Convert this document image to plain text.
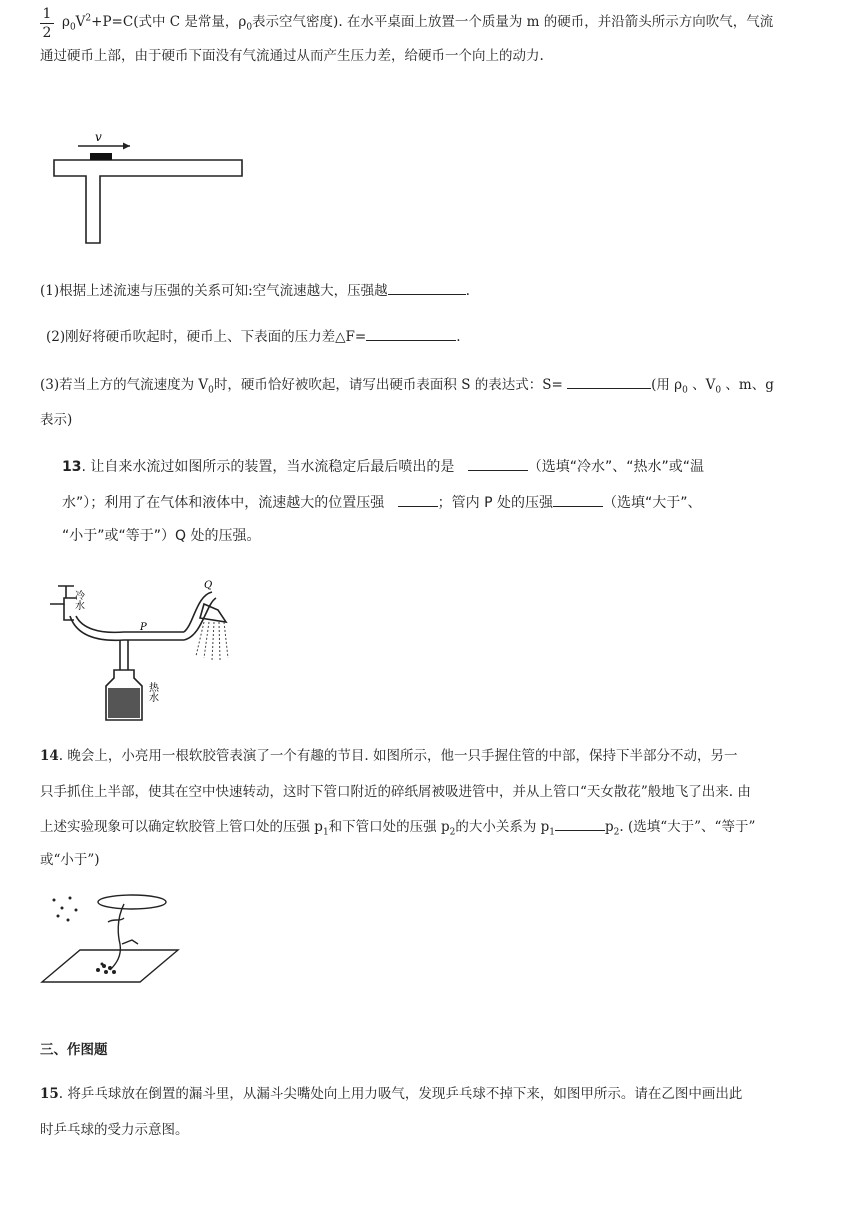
1
2
$\rho_0V^2+P=C$(式中 C 是常量，$\rho_0$表示空气密度). 在水平桌面上放置一个质量为 m 的硬币，并沿箭头所示方向吹气，气流
通过硬币上部，由于硬币下面没有气流通过从而产生压力差，给硬币一个向上的动力.
v
(1)根据上述流速与压强的关系可知:空气流速越大，压强越	.
(2)刚好将硬币吹起时，硬币上、下表面的压力差△F=	.
(3)若当上方的气流速度为 $V_0$时，硬币恰好被吹起，请写出硬币表面积 S 的表达式：S=	(用 $\rho_0$ 、$V_0$ 、m、g
表示)
13. 让自来水流过如图所示的装置，当水流稳定后最后喷出的是	（选填“冷水”、“热水”或“温
水”）；利用了在气体和液体中，流速越大的位置压强	；管内 P 处的压强	（选填“大于”、
“小于”或“等于”）Q 处的压强。
冷水
热水
P
Q
14. 晚会上，小亮用一根软胶管表演了一个有趣的节目. 如图所示，他一只手握住管的中部，保持下半部分不动，另一
只手抓住上半部，使其在空中快速转动，这时下管口附近的碎纸屑被吸进管中，并从上管口“天女散花”般地飞了出来. 由
上述实验现象可以确定软胶管上管口处的压强 $p_1$和下管口处的压强 $p_2$的大小关系为 $p_1$	$p_2$. (选填“大于”、“等于”
或“小于”)
三、作图题
15. 将乒乓球放在倒置的漏斗里，从漏斗尖嘴处向上用力吸气，发现乒乓球不掉下来，如图甲所示。请在乙图中画出此
时乒乓球的受力示意图。
